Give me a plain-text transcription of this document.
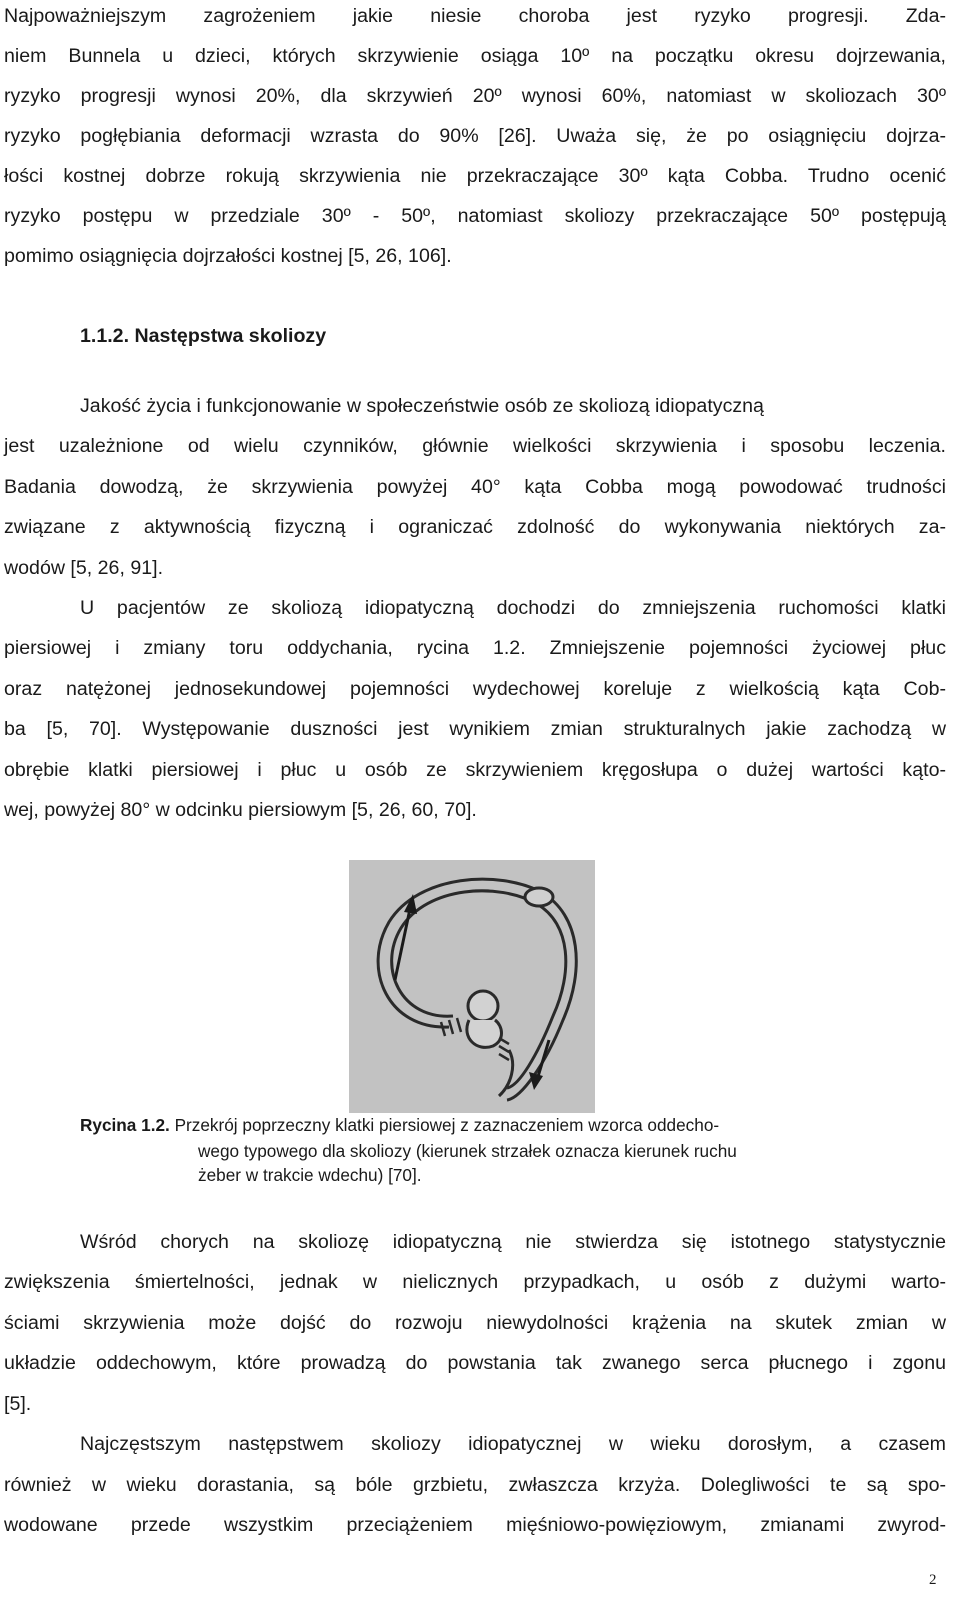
Najpoważniejszym zagrożeniem jakie niesie choroba jest ryzyko progresji. Zda-

niem Bunnela u dzieci, których skrzywienie osiąga 10º na początku okresu dojrzewania,

ryzyko progresji wynosi 20%, dla skrzywień 20º wynosi 60%, natomiast w skoliozach 30º

ryzyko pogłębiania deformacji wzrasta do 90% [26]. Uważa się, że po osiągnięciu dojrza-

łości kostnej dobrze rokują skrzywienia nie przekraczające 30º kąta Cobba. Trudno ocenić

ryzyko postępu w przedziale 30º - 50º, natomiast skoliozy przekraczające 50º postępują

pomimo osiągnięcia dojrzałości kostnej [5, 26, 106].

1.1.2. Następstwa skoliozy

Jakość życia i funkcjonowanie w społeczeństwie osób ze skoliozą idiopatyczną

jest uzależnione od wielu czynników, głównie wielkości skrzywienia i sposobu leczenia.

Badania dowodzą, że skrzywienia powyżej 40° kąta Cobba mogą powodować trudności

związane z aktywnością fizyczną i ograniczać zdolność do wykonywania niektórych za-

wodów [5, 26, 91].

U pacjentów ze skoliozą idiopatyczną dochodzi do zmniejszenia ruchomości klatki

piersiowej i zmiany toru oddychania, rycina 1.2. Zmniejszenie pojemności życiowej płuc

oraz natężonej jednosekundowej pojemności wydechowej koreluje z wielkością kąta Cob-

ba [5, 70]. Występowanie duszności jest wynikiem zmian strukturalnych jakie zachodzą w

obrębie klatki piersiowej i płuc u osób ze skrzywieniem kręgosłupa o dużej wartości kąto-

wej, powyżej 80° w odcinku piersiowym [5, 26, 60, 70].

Rycina 1.2. Przekrój poprzeczny klatki piersiowej z zaznaczeniem wzorca oddecho-

wego typowego dla skoliozy (kierunek strzałek oznacza kierunek ruchu

żeber w trakcie wdechu) [70].

Wśród chorych na skoliozę idiopatyczną nie stwierdza się istotnego statystycznie

zwiększenia śmiertelności, jednak w nielicznych przypadkach, u osób z dużymi warto-

ściami skrzywienia może dojść do rozwoju niewydolności krążenia na skutek zmian w

układzie oddechowym, które prowadzą do powstania tak zwanego serca płucnego i zgonu

[5].

Najczęstszym następstwem skoliozy idiopatycznej w wieku dorosłym, a czasem

również w wieku dorastania, są bóle grzbietu, zwłaszcza krzyża. Dolegliwości te są spo-

wodowane przede wszystkim przeciążeniem mięśniowo-powięziowym, zmianami zwyrod-

2
